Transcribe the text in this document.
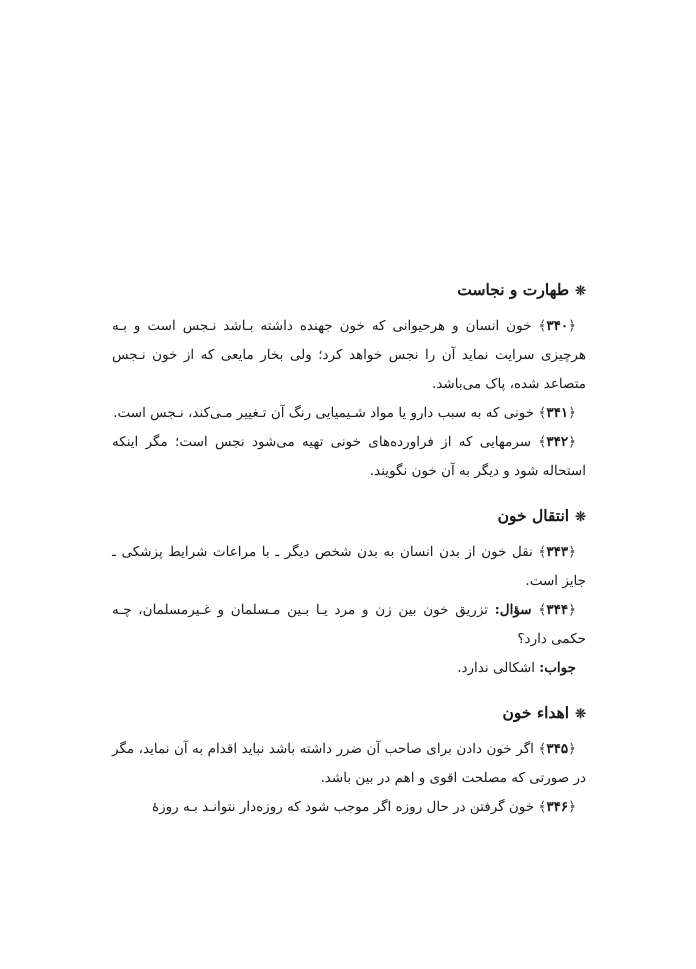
❊طهارت و نجاست

﴿۳۴۰﴾ خون انسان و هرحیوانی که خون جهنده داشته بـاشد نـجس است و بـه هرچیزی سرایت نماید آن را نجس خواهد کرد؛ ولی بخار مایعی که از خون نـجس متصاعد شده، پاک می‌باشد.

﴿۳۴۱﴾ خونی که به سبب دارو یا مواد شـیمیایی رنگ آن تـغییر مـی‌کند، نـجس است.

﴿۳۴۲﴾ سرمهایی که از فراورده‌های خونی تهیه می‌شود نجس است؛ مگر اینکه استحاله شود و دیگر به آن خون نگویند.

❊انتقال خون

﴿۳۴۳﴾ نقل خون از بدن انسان به بدن شخص دیگر ـ با مراعات شرایط پزشکی ـ جایز است.

﴿۳۴۴﴾ سؤال: تزریق خون بین زن و مرد یـا بـین مـسلمان و غـیرمسلمان، چـه حکمی دارد؟

جواب: اشکالی ندارد.

❊اهداء خون

﴿۳۴۵﴾ اگر خون دادن برای صاحب آن ضرر داشته باشد نباید اقدام به آن نماید، مگر در صورتی که مصلحت اقوی و اهم در بین باشد.

﴿۳۴۶﴾ خون گرفتن در حال روزه اگر موجب شود که روزه‌دار نتوانـد بـه روزهٔ
